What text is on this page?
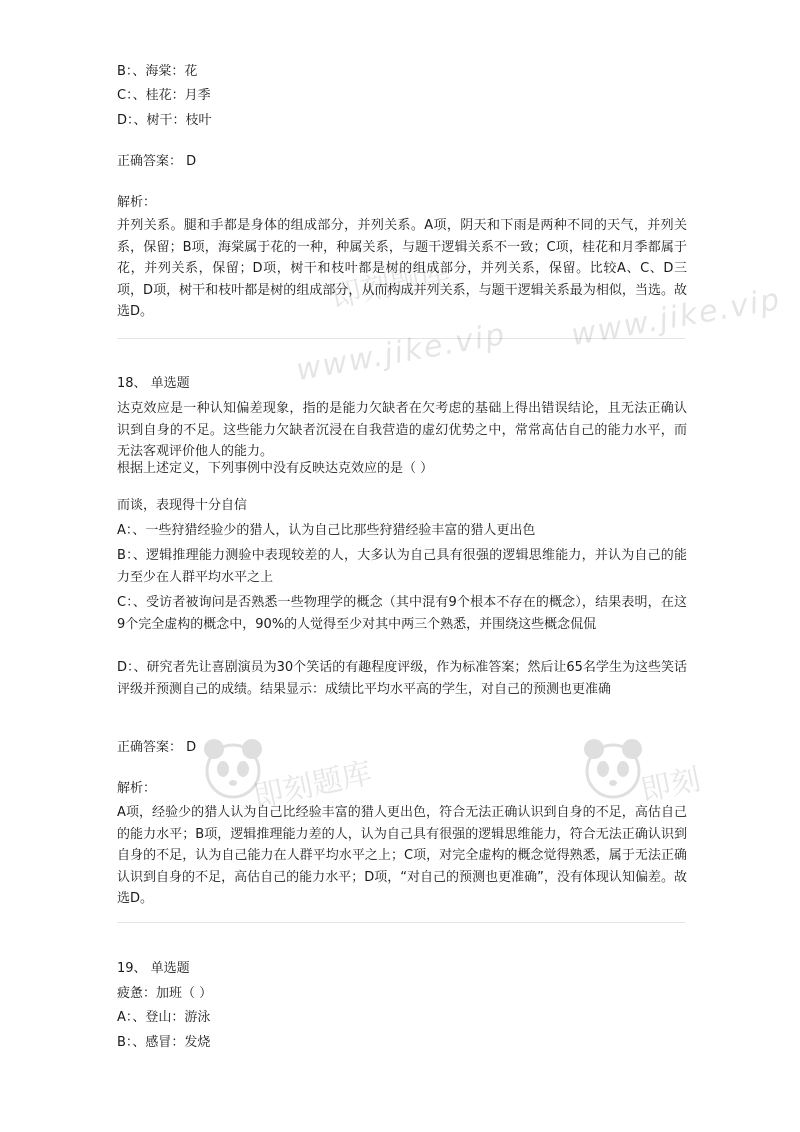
B：、海棠：花
C：、桂花：月季
D：、树干：枝叶
正确答案： D
解析：
并列关系。腿和手都是身体的组成部分，并列关系。A项，阴天和下雨是两种不同的天气，并列关系，保留；B项，海棠属于花的一种，种属关系，与题干逻辑关系不一致；C项，桂花和月季都属于花，并列关系，保留；D项，树干和枝叶都是树的组成部分，并列关系，保留。比较A、C、D三项，D项，树干和枝叶都是树的组成部分，从而构成并列关系，与题干逻辑关系最为相似，当选。故选D。
18、 单选题
达克效应是一种认知偏差现象，指的是能力欠缺者在欠考虑的基础上得出错误结论，且无法正确认识到自身的不足。这些能力欠缺者沉浸在自我营造的虚幻优势之中，常常高估自己的能力水平，而无法客观评价他人的能力。
根据上述定义，下列事例中没有反映达克效应的是（ ）
而谈，表现得十分自信
A：、一些狩猎经验少的猎人，认为自己比那些狩猎经验丰富的猎人更出色
B：、逻辑推理能力测验中表现较差的人，大多认为自己具有很强的逻辑思维能力，并认为自己的能力至少在人群平均水平之上
C：、受访者被询问是否熟悉一些物理学的概念（其中混有9个根本不存在的概念），结果表明，在这9个完全虚构的概念中，90%的人觉得至少对其中两三个熟悉，并围绕这些概念侃侃
D：、研究者先让喜剧演员为30个笑话的有趣程度评级，作为标准答案；然后让65名学生为这些笑话评级并预测自己的成绩。结果显示：成绩比平均水平高的学生，对自己的预测也更准确
正确答案： D
解析：
A项，经验少的猎人认为自己比经验丰富的猎人更出色，符合无法正确认识到自身的不足，高估自己的能力水平；B项，逻辑推理能力差的人，认为自己具有很强的逻辑思维能力，符合无法正确认识到自身的不足，认为自己能力在人群平均水平之上；C项，对完全虚构的概念觉得熟悉，属于无法正确认识到自身的不足，高估自己的能力水平；D项，“对自己的预测也更准确”，没有体现认知偏差。故选D。
19、 单选题
疲惫：加班（ ）
A：、登山：游泳
B：、感冒：发烧
www.jike.vip www.jike.vip
即刻题库
即刻题库	即刻
